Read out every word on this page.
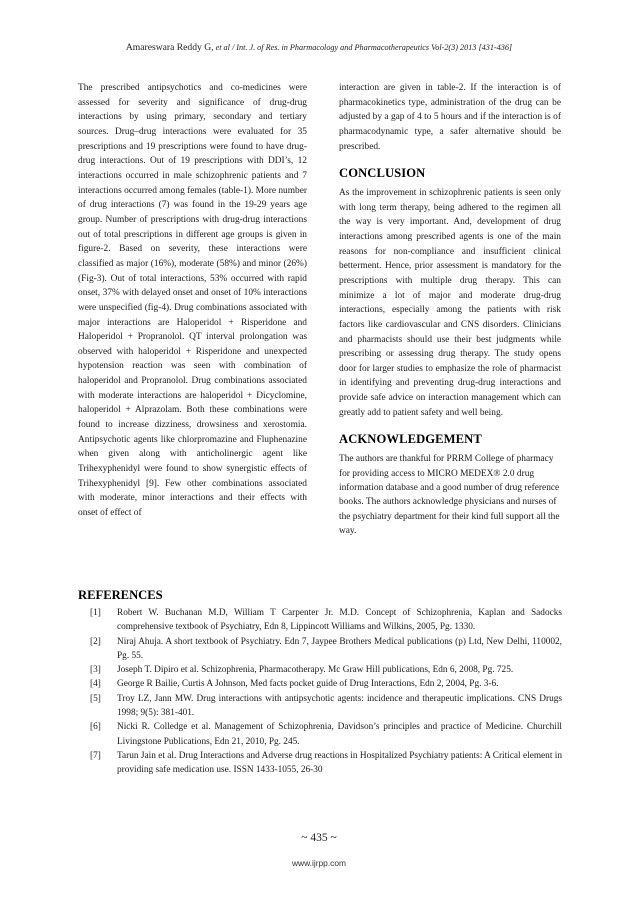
Amareswara Reddy G, et al / Int. J. of Res. in Pharmacology and Pharmacotherapeutics Vol-2(3) 2013 [431-436]

The prescribed antipsychotics and co-medicines were assessed for severity and significance of drug-drug interactions by using primary, secondary and tertiary sources. Drug–drug interactions were evaluated for 35 prescriptions and 19 prescriptions were found to have drug-drug interactions. Out of 19 prescriptions with DDI’s, 12 interactions occurred in male schizophrenic patients and 7 interactions occurred among females (table-1). More number of drug interactions (7) was found in the 19-29 years age group. Number of prescriptions with drug-drug interactions out of total prescriptions in different age groups is given in figure-2. Based on severity, these interactions were classified as major (16%), moderate (58%) and minor (26%) (Fig-3). Out of total interactions, 53% occurred with rapid onset, 37% with delayed onset and onset of 10% interactions were unspecified (fig-4). Drug combinations associated with major interactions are Haloperidol + Risperidone and Haloperidol + Propranolol. QT interval prolongation was observed with haloperidol + Risperidone and unexpected hypotension reaction was seen with combination of haloperidol and Propranolol. Drug combinations associated with moderate interactions are haloperidol + Dicyclomine, haloperidol + Alprazolam. Both these combinations were found to increase dizziness, drowsiness and xerostomia. Antipsychotic agents like chlorpromazine and Fluphenazine when given along with anticholinergic agent like Trihexyphenidyl were found to show synergistic effects of Trihexyphenidyl [9]. Few other combinations associated with moderate, minor interactions and their effects with onset of effect of

interaction are given in table-2. If the interaction is of pharmacokinetics type, administration of the drug can be adjusted by a gap of 4 to 5 hours and if the interaction is of pharmacodynamic type, a safer alternative should be prescribed.

CONCLUSION

As the improvement in schizophrenic patients is seen only with long term therapy, being adhered to the regimen all the way is very important. And, development of drug interactions among prescribed agents is one of the main reasons for non-compliance and insufficient clinical betterment. Hence, prior assessment is mandatory for the prescriptions with multiple drug therapy. This can minimize a lot of major and moderate drug-drug interactions, especially among the patients with risk factors like cardiovascular and CNS disorders. Clinicians and pharmacists should use their best judgments while prescribing or assessing drug therapy. The study opens door for larger studies to emphasize the role of pharmacist in identifying and preventing drug-drug interactions and provide safe advice on interaction management which can greatly add to patient safety and well being.

ACKNOWLEDGEMENT

The authors are thankful for PRRM College of pharmacy for providing access to MICRO MEDEX® 2.0 drug information database and a good number of drug reference books. The authors acknowledge physicians and nurses of the psychiatry department for their kind full support all the way.

REFERENCES
[1] Robert W. Buchanan M.D, William T Carpenter Jr. M.D. Concept of Schizophrenia, Kaplan and Sadocks comprehensive textbook of Psychiatry, Edn 8, Lippincott Williams and Wilkins, 2005, Pg. 1330.
[2] Niraj Ahuja. A short textbook of Psychiatry. Edn 7, Jaypee Brothers Medical publications (p) Ltd, New Delhi, 110002, Pg. 55.
[3] Joseph T. Dipiro et al. Schizophrenia, Pharmacotherapy. Mc Graw Hill publications, Edn 6, 2008, Pg. 725.
[4] George R Bailie, Curtis A Johnson, Med facts pocket guide of Drug Interactions, Edn 2, 2004, Pg. 3-6.
[5] Troy LZ, Jann MW. Drug interactions with antipsychotic agents: incidence and therapeutic implications. CNS Drugs 1998; 9(5): 381-401.
[6] Nicki R. Colledge et al. Management of Schizophrenia, Davidson’s principles and practice of Medicine. Churchill Livingstone Publications, Edn 21, 2010, Pg. 245.
[7] Tarun Jain et al. Drug Interactions and Adverse drug reactions in Hospitalized Psychiatry patients: A Critical element in providing safe medication use. ISSN 1433-1055, 26-30
~ 435 ~
www.ijrpp.com
